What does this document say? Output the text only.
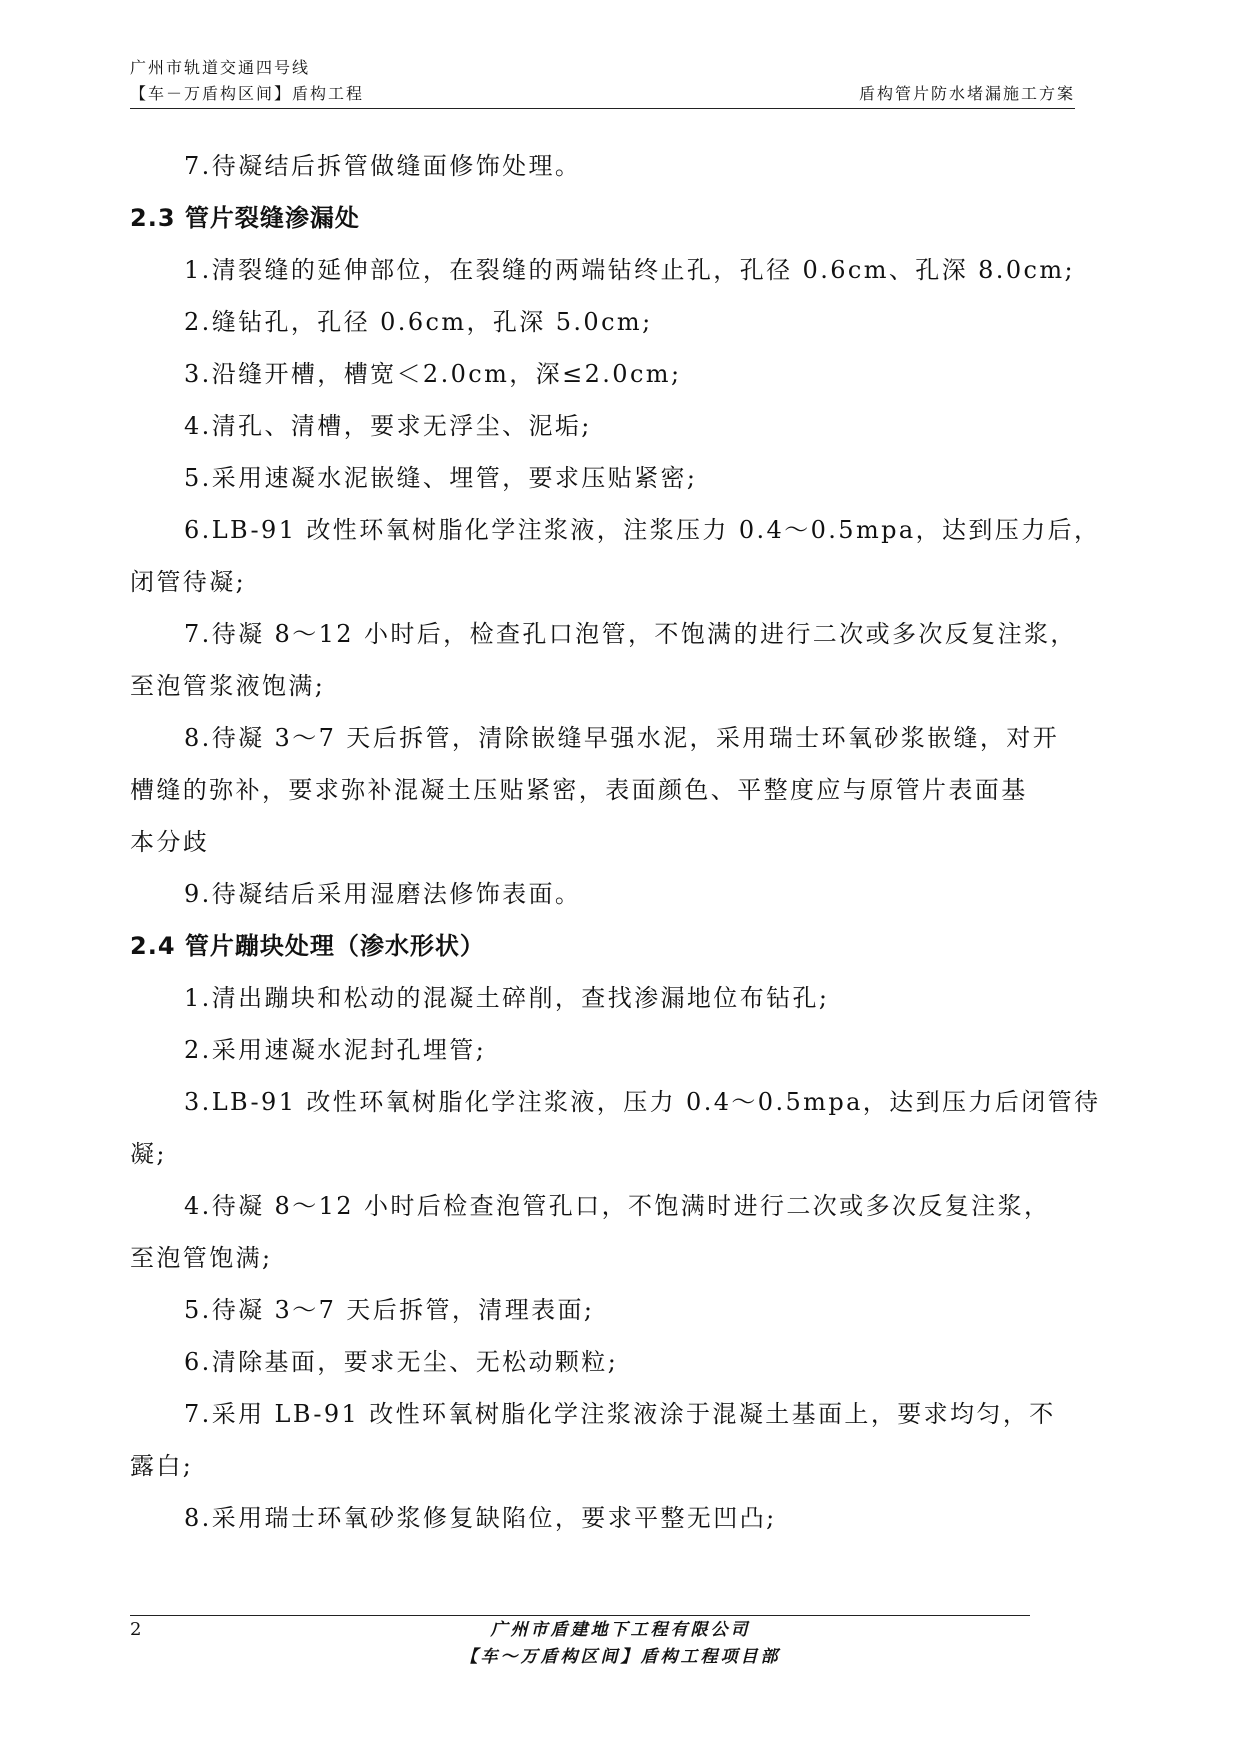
广州市轨道交通四号线
【车－万盾构区间】盾构工程	盾构管片防水堵漏施工方案

7.待凝结后拆管做缝面修饰处理。

2.3 管片裂缝渗漏处

1.清裂缝的延伸部位，在裂缝的两端钻终止孔，孔径 0.6cm、孔深 8.0cm;

2.缝钻孔，孔径 0.6cm，孔深 5.0cm;

3.沿缝开槽，槽宽＜2.0cm，深≤2.0cm;

4.清孔、清槽，要求无浮尘、泥垢;

5.采用速凝水泥嵌缝、埋管，要求压贴紧密;

6.LB-91 改性环氧树脂化学注浆液，注浆压力 0.4～0.5mpa，达到压力后，

闭管待凝;

7.待凝 8～12 小时后，检查孔口泡管，不饱满的进行二次或多次反复注浆，

至泡管浆液饱满;

8.待凝 3～7 天后拆管，清除嵌缝早强水泥，采用瑞士环氧砂浆嵌缝，对开

槽缝的弥补，要求弥补混凝土压贴紧密，表面颜色、平整度应与原管片表面基

本分歧

9.待凝结后采用湿磨法修饰表面。

2.4 管片蹦块处理（渗水形状）

1.清出蹦块和松动的混凝土碎削，查找渗漏地位布钻孔;

2.采用速凝水泥封孔埋管;

3.LB-91 改性环氧树脂化学注浆液，压力 0.4～0.5mpa，达到压力后闭管待

凝;

4.待凝 8～12 小时后检查泡管孔口，不饱满时进行二次或多次反复注浆，

至泡管饱满;

5.待凝 3～7 天后拆管，清理表面;

6.清除基面，要求无尘、无松动颗粒;

7.采用 LB-91 改性环氧树脂化学注浆液涂于混凝土基面上，要求均匀，不

露白;

8.采用瑞士环氧砂浆修复缺陷位，要求平整无凹凸;

2	广州市盾建地下工程有限公司
【车～万盾构区间】盾构工程项目部
